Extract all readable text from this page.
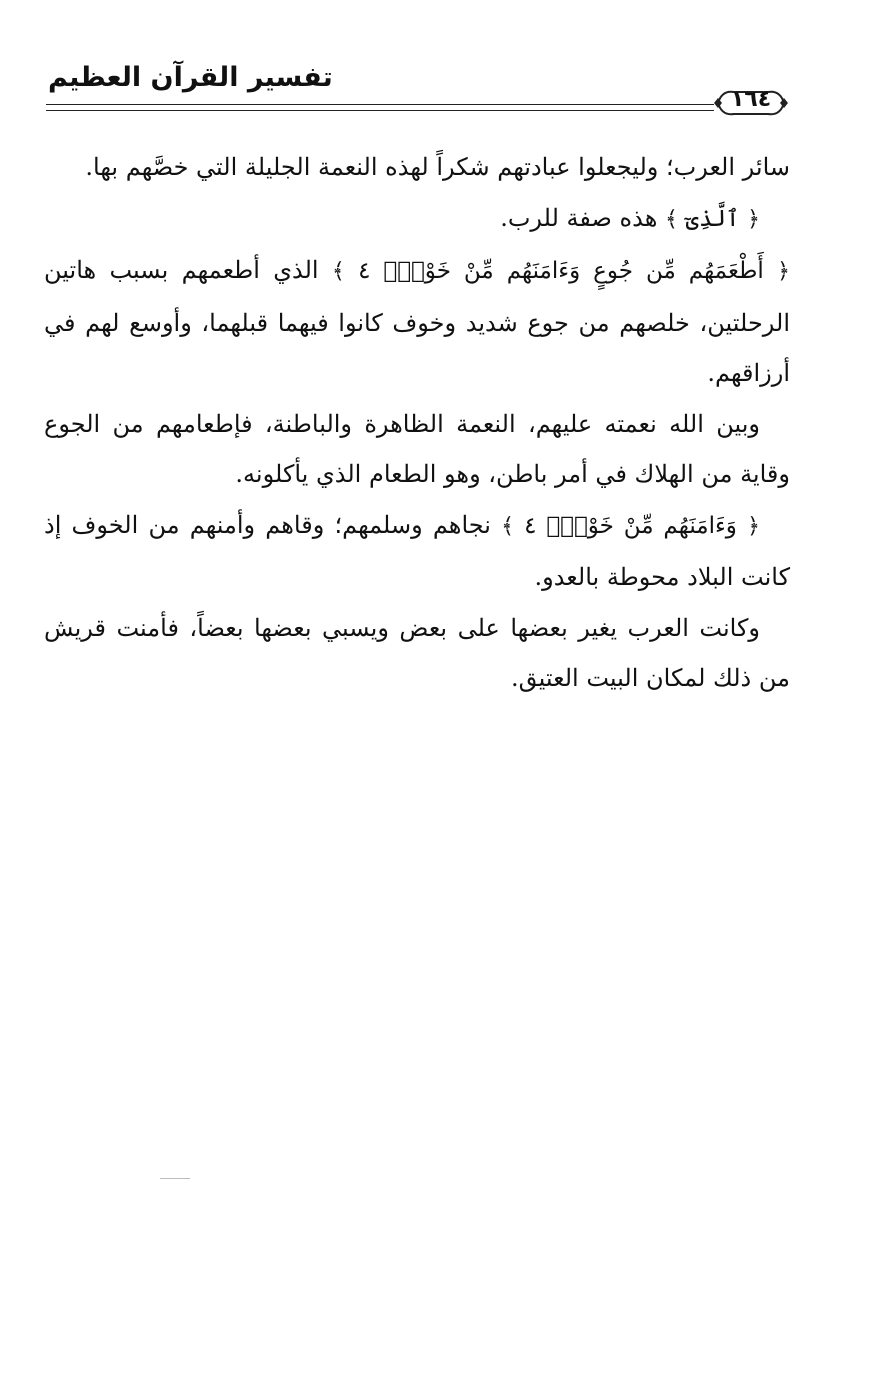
تفسير القرآن العظيم
١٦٤

سائر العرب؛ وليجعلوا عبادتهم شكراً لهذه النعمة الجليلة التي خصَّهم بها.

﴿ ٱلَّذِىٓ ﴾ هذه صفة للرب.

﴿ أَطْعَمَهُم مِّن جُوعٍ وَءَامَنَهُم مِّنْ خَوْفٍۭ ٤ ﴾ الذي أطعمهم بسبب هاتين الرحلتين، خلصهم من جوع شديد وخوف كانوا فيهما قبلهما، وأوسع لهم في أرزاقهم.

وبين الله نعمته عليهم، النعمة الظاهرة والباطنة، فإطعامهم من الجوع وقاية من الهلاك في أمر باطن، وهو الطعام الذي يأكلونه.

﴿ وَءَامَنَهُم مِّنْ خَوْفٍۭ ٤ ﴾ نجاهم وسلمهم؛ وقاهم وأمنهم من الخوف إذ كانت البلاد محوطة بالعدو.

وكانت العرب يغير بعضها على بعض ويسبي بعضها بعضاً، فأمنت قريش من ذلك لمكان البيت العتيق.
